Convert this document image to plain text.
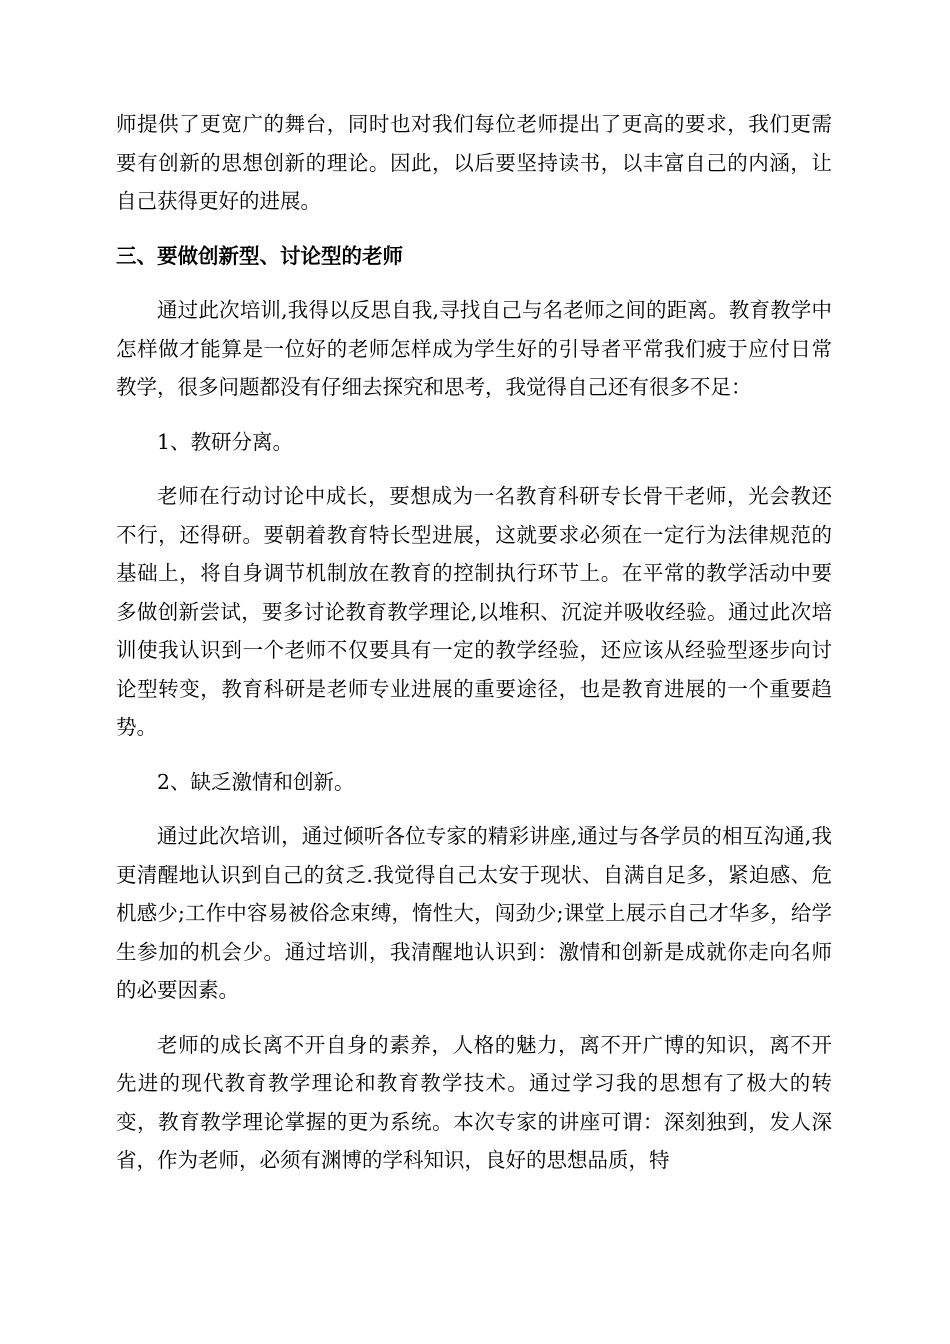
师提供了更宽广的舞台，同时也对我们每位老师提出了更高的要求，我们更需要有创新的思想创新的理论。因此，以后要坚持读书，以丰富自己的内涵，让自己获得更好的进展。

三、要做创新型、讨论型的老师

通过此次培训,我得以反思自我,寻找自己与名老师之间的距离。教育教学中怎样做才能算是一位好的老师怎样成为学生好的引导者平常我们疲于应付日常教学，很多问题都没有仔细去探究和思考，我觉得自己还有很多不足：

1、教研分离。

老师在行动讨论中成长，要想成为一名教育科研专长骨干老师，光会教还不行，还得研。要朝着教育特长型进展，这就要求必须在一定行为法律规范的基础上，将自身调节机制放在教育的控制执行环节上。在平常的教学活动中要多做创新尝试，要多讨论教育教学理论,以堆积、沉淀并吸收经验。通过此次培训使我认识到一个老师不仅要具有一定的教学经验，还应该从经验型逐步向讨论型转变，教育科研是老师专业进展的重要途径，也是教育进展的一个重要趋势。

2、缺乏激情和创新。

通过此次培训，通过倾听各位专家的精彩讲座,通过与各学员的相互沟通,我更清醒地认识到自己的贫乏.我觉得自己太安于现状、自满自足多，紧迫感、危机感少;工作中容易被俗念束缚，惰性大，闯劲少;课堂上展示自己才华多，给学生参加的机会少。通过培训，我清醒地认识到：激情和创新是成就你走向名师的必要因素。

老师的成长离不开自身的素养，人格的魅力，离不开广博的知识，离不开先进的现代教育教学理论和教育教学技术。通过学习我的思想有了极大的转变，教育教学理论掌握的更为系统。本次专家的讲座可谓：深刻独到，发人深省，作为老师，必须有渊博的学科知识，良好的思想品质，特
